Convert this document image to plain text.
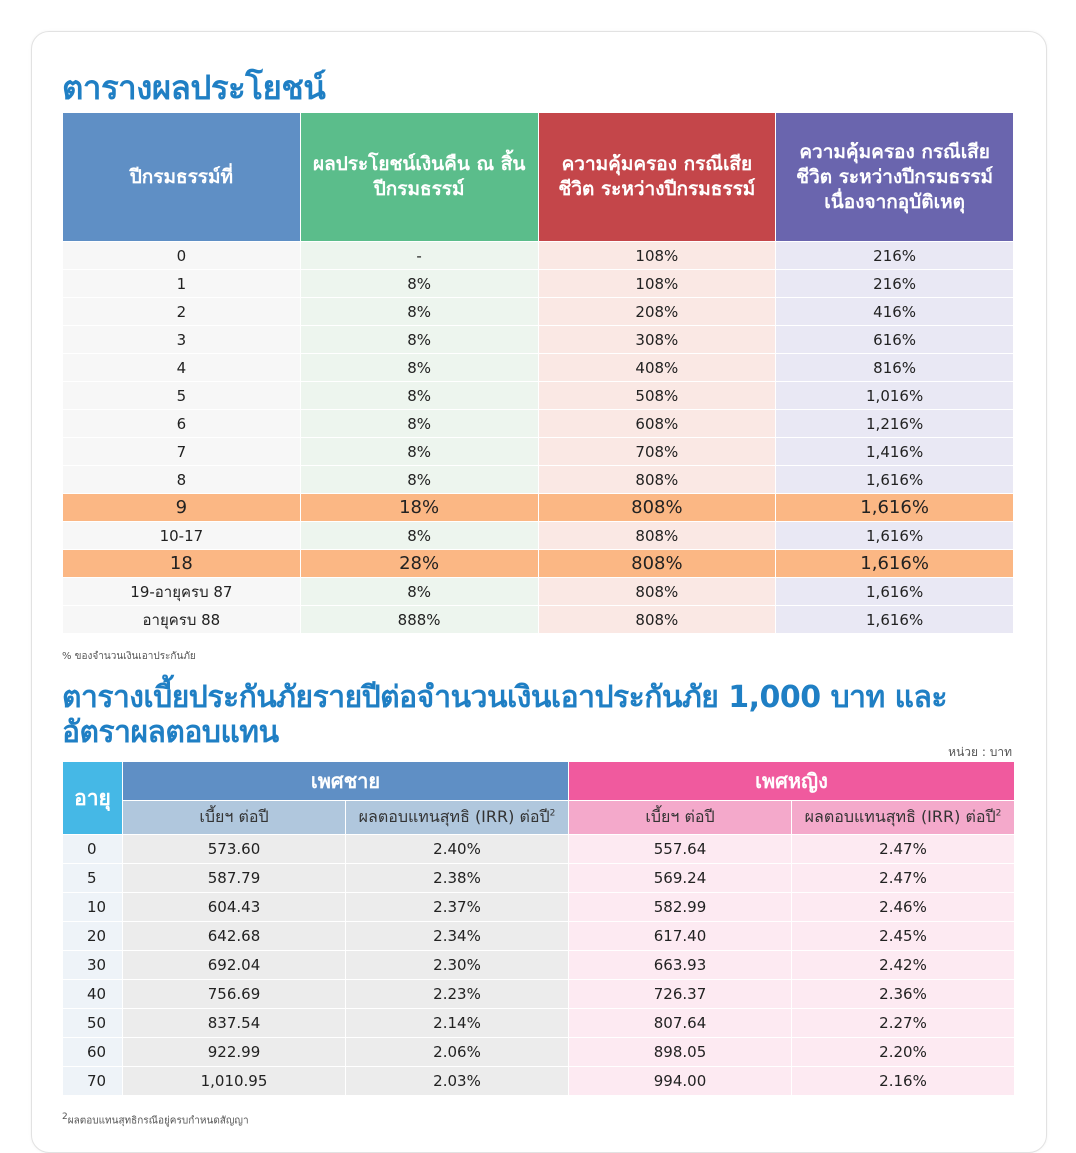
ตารางผลประโยชน์
ปีกรมธรรม์ที่	ผลประโยชน์เงินคืน ณ สิ้นปีกรมธรรม์	ความคุ้มครอง กรณีเสียชีวิต ระหว่างปีกรมธรรม์	ความคุ้มครอง กรณีเสียชีวิต ระหว่างปีกรมธรรม์ เนื่องจากอุบัติเหตุ
0	-	108%	216%
1	8%	108%	216%
2	8%	208%	416%
3	8%	308%	616%
4	8%	408%	816%
5	8%	508%	1,016%
6	8%	608%	1,216%
7	8%	708%	1,416%
8	8%	808%	1,616%
9	18%	808%	1,616%
10-17	8%	808%	1,616%
18	28%	808%	1,616%
19-อายุครบ 87	8%	808%	1,616%
อายุครบ 88	888%	808%	1,616%
% ของจำนวนเงินเอาประกันภัย
ตารางเบี้ยประกันภัยรายปีต่อจำนวนเงินเอาประกันภัย 1,000 บาท และ อัตราผลตอบแทน
หน่วย : บาท
อายุ	เพศชาย		เพศหญิง	
	เบี้ยฯ ต่อปี	ผลตอบแทนสุทธิ (IRR) ต่อปี$^2$	เบี้ยฯ ต่อปี	ผลตอบแทนสุทธิ (IRR) ต่อปี$^2$
0	573.60	2.40%	557.64	2.47%
5	587.79	2.38%	569.24	2.47%
10	604.43	2.37%	582.99	2.46%
20	642.68	2.34%	617.40	2.45%
30	692.04	2.30%	663.93	2.42%
40	756.69	2.23%	726.37	2.36%
50	837.54	2.14%	807.64	2.27%
60	922.99	2.06%	898.05	2.20%
70	1,010.95	2.03%	994.00	2.16%
$^2$ผลตอบแทนสุทธิกรณีอยู่ครบกำหนดสัญญา
